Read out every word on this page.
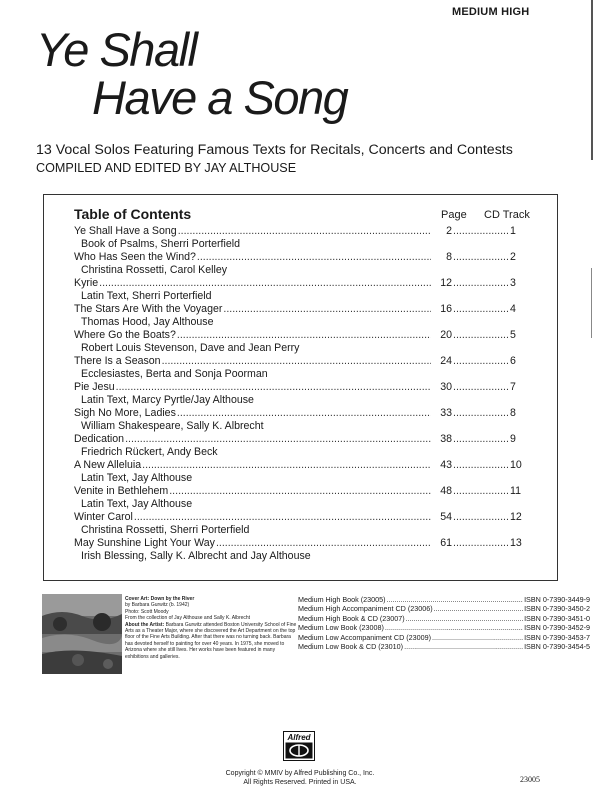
MEDIUM HIGH
Ye Shall
Have a Song
13 Vocal Solos Featuring Famous Texts for Recitals, Concerts and Contests
COMPILED AND EDITED BY JAY ALTHOUSE
Table of Contents	Page CD Track
Ye Shall Have a Song .....	2 .....	1
Book of Psalms, Sherri Porterfield
Who Has Seen the Wind? .....	8 .....	2
Christina Rossetti, Carol Kelley
Kyrie .....	12 .....	3
Latin Text, Sherri Porterfield
The Stars Are With the Voyager .....	16 .....	4
Thomas Hood, Jay Althouse
Where Go the Boats? .....	20 .....	5
Robert Louis Stevenson, Dave and Jean Perry
There Is a Season .....	24 .....	6
Ecclesiastes, Berta and Sonja Poorman
Pie Jesu .....	30 .....	7
Latin Text, Marcy Pyrtle/Jay Althouse
Sigh No More, Ladies .....	33 .....	8
William Shakespeare, Sally K. Albrecht
Dedication .....	38 .....	9
Friedrich Rückert, Andy Beck
A New Alleluia .....	43 .....	10
Latin Text, Jay Althouse
Venite in Bethlehem .....	48 .....	11
Latin Text, Jay Althouse
Winter Carol .....	54 .....	12
Christina Rossetti, Sherri Porterfield
May Sunshine Light Your Way .....	61 .....	13
Irish Blessing, Sally K. Albrecht and Jay Althouse
Cover Art: Down by the River
by Barbara Gurwitz (b. 1942)
Photo: Scott Moody
From the collection of Jay Althouse and Sally K. Albrecht
About the Artist: Barbara Gurwitz attended Boston University School of Fine Arts as a Theater Major, where she discovered the Art Department on the top floor of the Fine Arts Building. After that there was no turning back. Barbara has devoted herself to painting for over 40 years. In 1975, she moved to Arizona where she still lives. Her works have been featured in many exhibitions and galleries.
Medium High Book (23005) .....	ISBN 0-7390-3449-9
Medium High Accompaniment CD (23006) .....	ISBN 0-7390-3450-2
Medium High Book & CD (23007) .....	ISBN 0-7390-3451-0
Medium Low Book (23008) .....	ISBN 0-7390-3452-9
Medium Low Accompaniment CD (23009) .....	ISBN 0-7390-3453-7
Medium Low Book & CD (23010) .....	ISBN 0-7390-3454-5
Alfred
Copyright © MMIV by Alfred Publishing Co., Inc.
All Rights Reserved. Printed in USA.	23005
